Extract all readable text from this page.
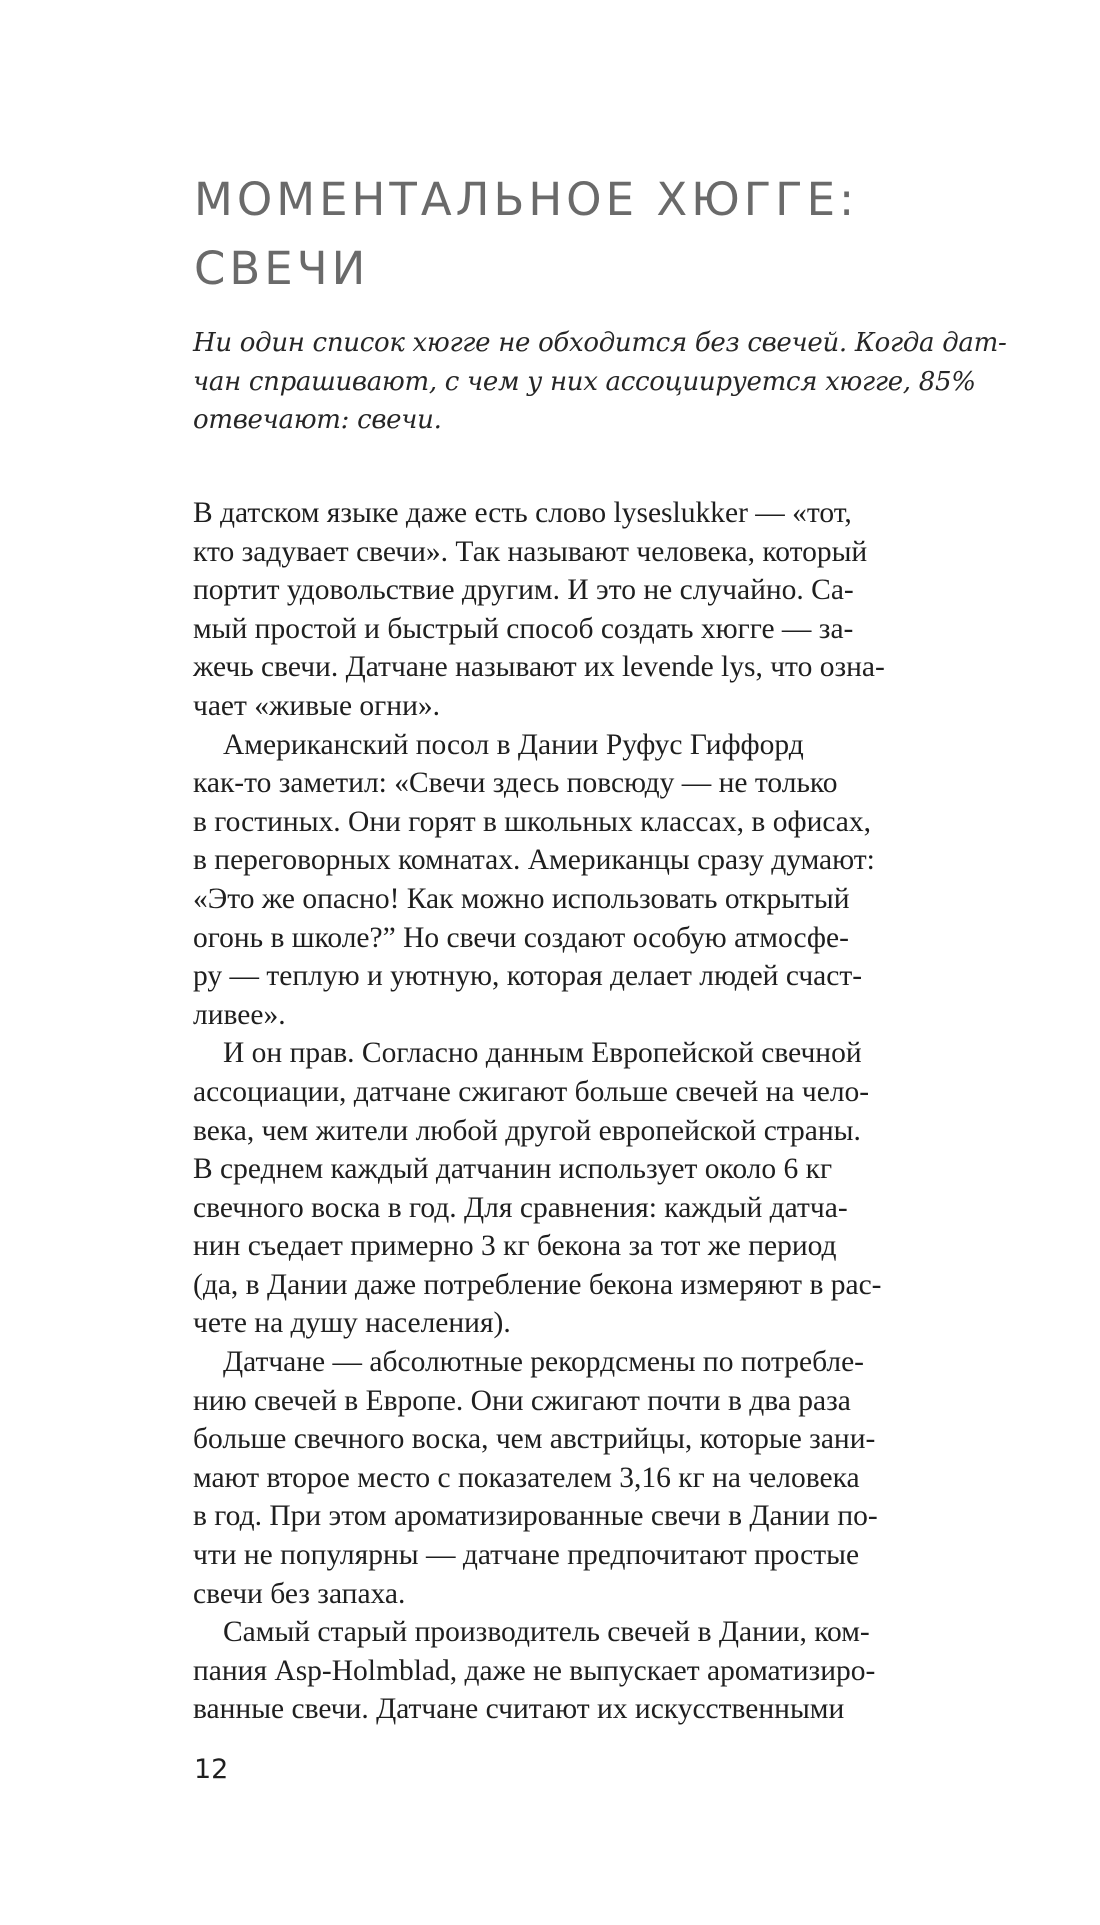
МОМЕНТАЛЬНОЕ ХЮГГЕ:
СВЕЧИ
Ни один список хюгге не обходится без свечей. Когда дат-
чан спрашивают, с чем у них ассоциируется хюгге, 85%
отвечают: свечи.
В датском языке даже есть слово lyseslukker — «тот,
кто задувает свечи». Так называют человека, который
портит удовольствие другим. И это не случайно. Са-
мый простой и быстрый способ создать хюгге — за-
жечь свечи. Датчане называют их levende lys, что озна-
чает «живые огни».
Американский посол в Дании Руфус Гиффорд
как-то заметил: «Свечи здесь повсюду — не только
в гостиных. Они горят в школьных классах, в офисах,
в переговорных комнатах. Американцы сразу думают:
«Это же опасно! Как можно использовать открытый
огонь в школе?” Но свечи создают особую атмосфе-
ру — теплую и уютную, которая делает людей счаст-
ливее».
И он прав. Согласно данным Европейской свечной
ассоциации, датчане сжигают больше свечей на чело-
века, чем жители любой другой европейской страны.
В среднем каждый датчанин использует около 6 кг
свечного воска в год. Для сравнения: каждый датча-
нин съедает примерно 3 кг бекона за тот же период
(да, в Дании даже потребление бекона измеряют в рас-
чете на душу населения).
Датчане — абсолютные рекордсмены по потребле-
нию свечей в Европе. Они сжигают почти в два раза
больше свечного воска, чем австрийцы, которые зани-
мают второе место с показателем 3,16 кг на человека
в год. При этом ароматизированные свечи в Дании по-
чти не популярны — датчане предпочитают простые
свечи без запаха.
Самый старый производитель свечей в Дании, ком-
пания Asp-Holmblad, даже не выпускает ароматизиро-
ванные свечи. Датчане считают их искусственными
12
